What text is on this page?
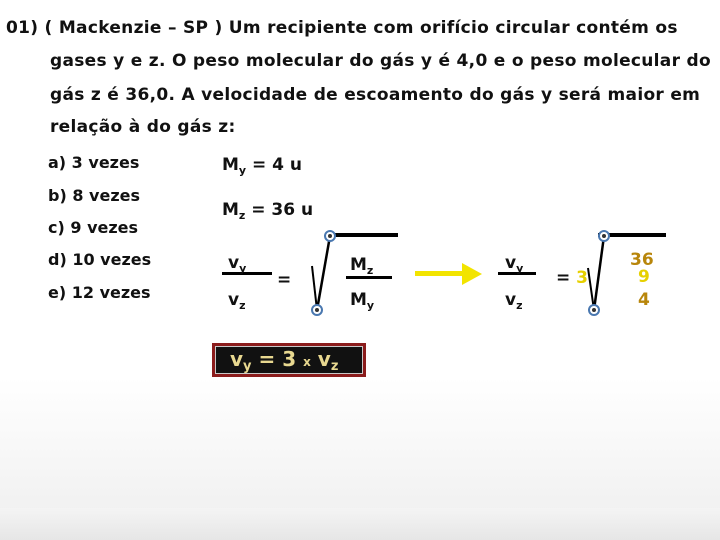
01) ( Mackenzie – SP ) Um recipiente com orifício circular contém os
gases y e z. O peso molecular do gás y é 4,0 e o peso molecular do
gás z é 36,0. A velocidade de escoamento do gás y será maior em
relação à do gás z:
a) 3 vezes
b) 8 vezes
c) 9 vezes
d) 10 vezes
e) 12 vezes
$M_y = 4$ u
$M_z = 36$ u
$v_y$
$v_z$
=
$M_z$
$M_y$
$v_y$
$v_z$
= 3
36
9
4
$v_y = 3$ x $v_z$
